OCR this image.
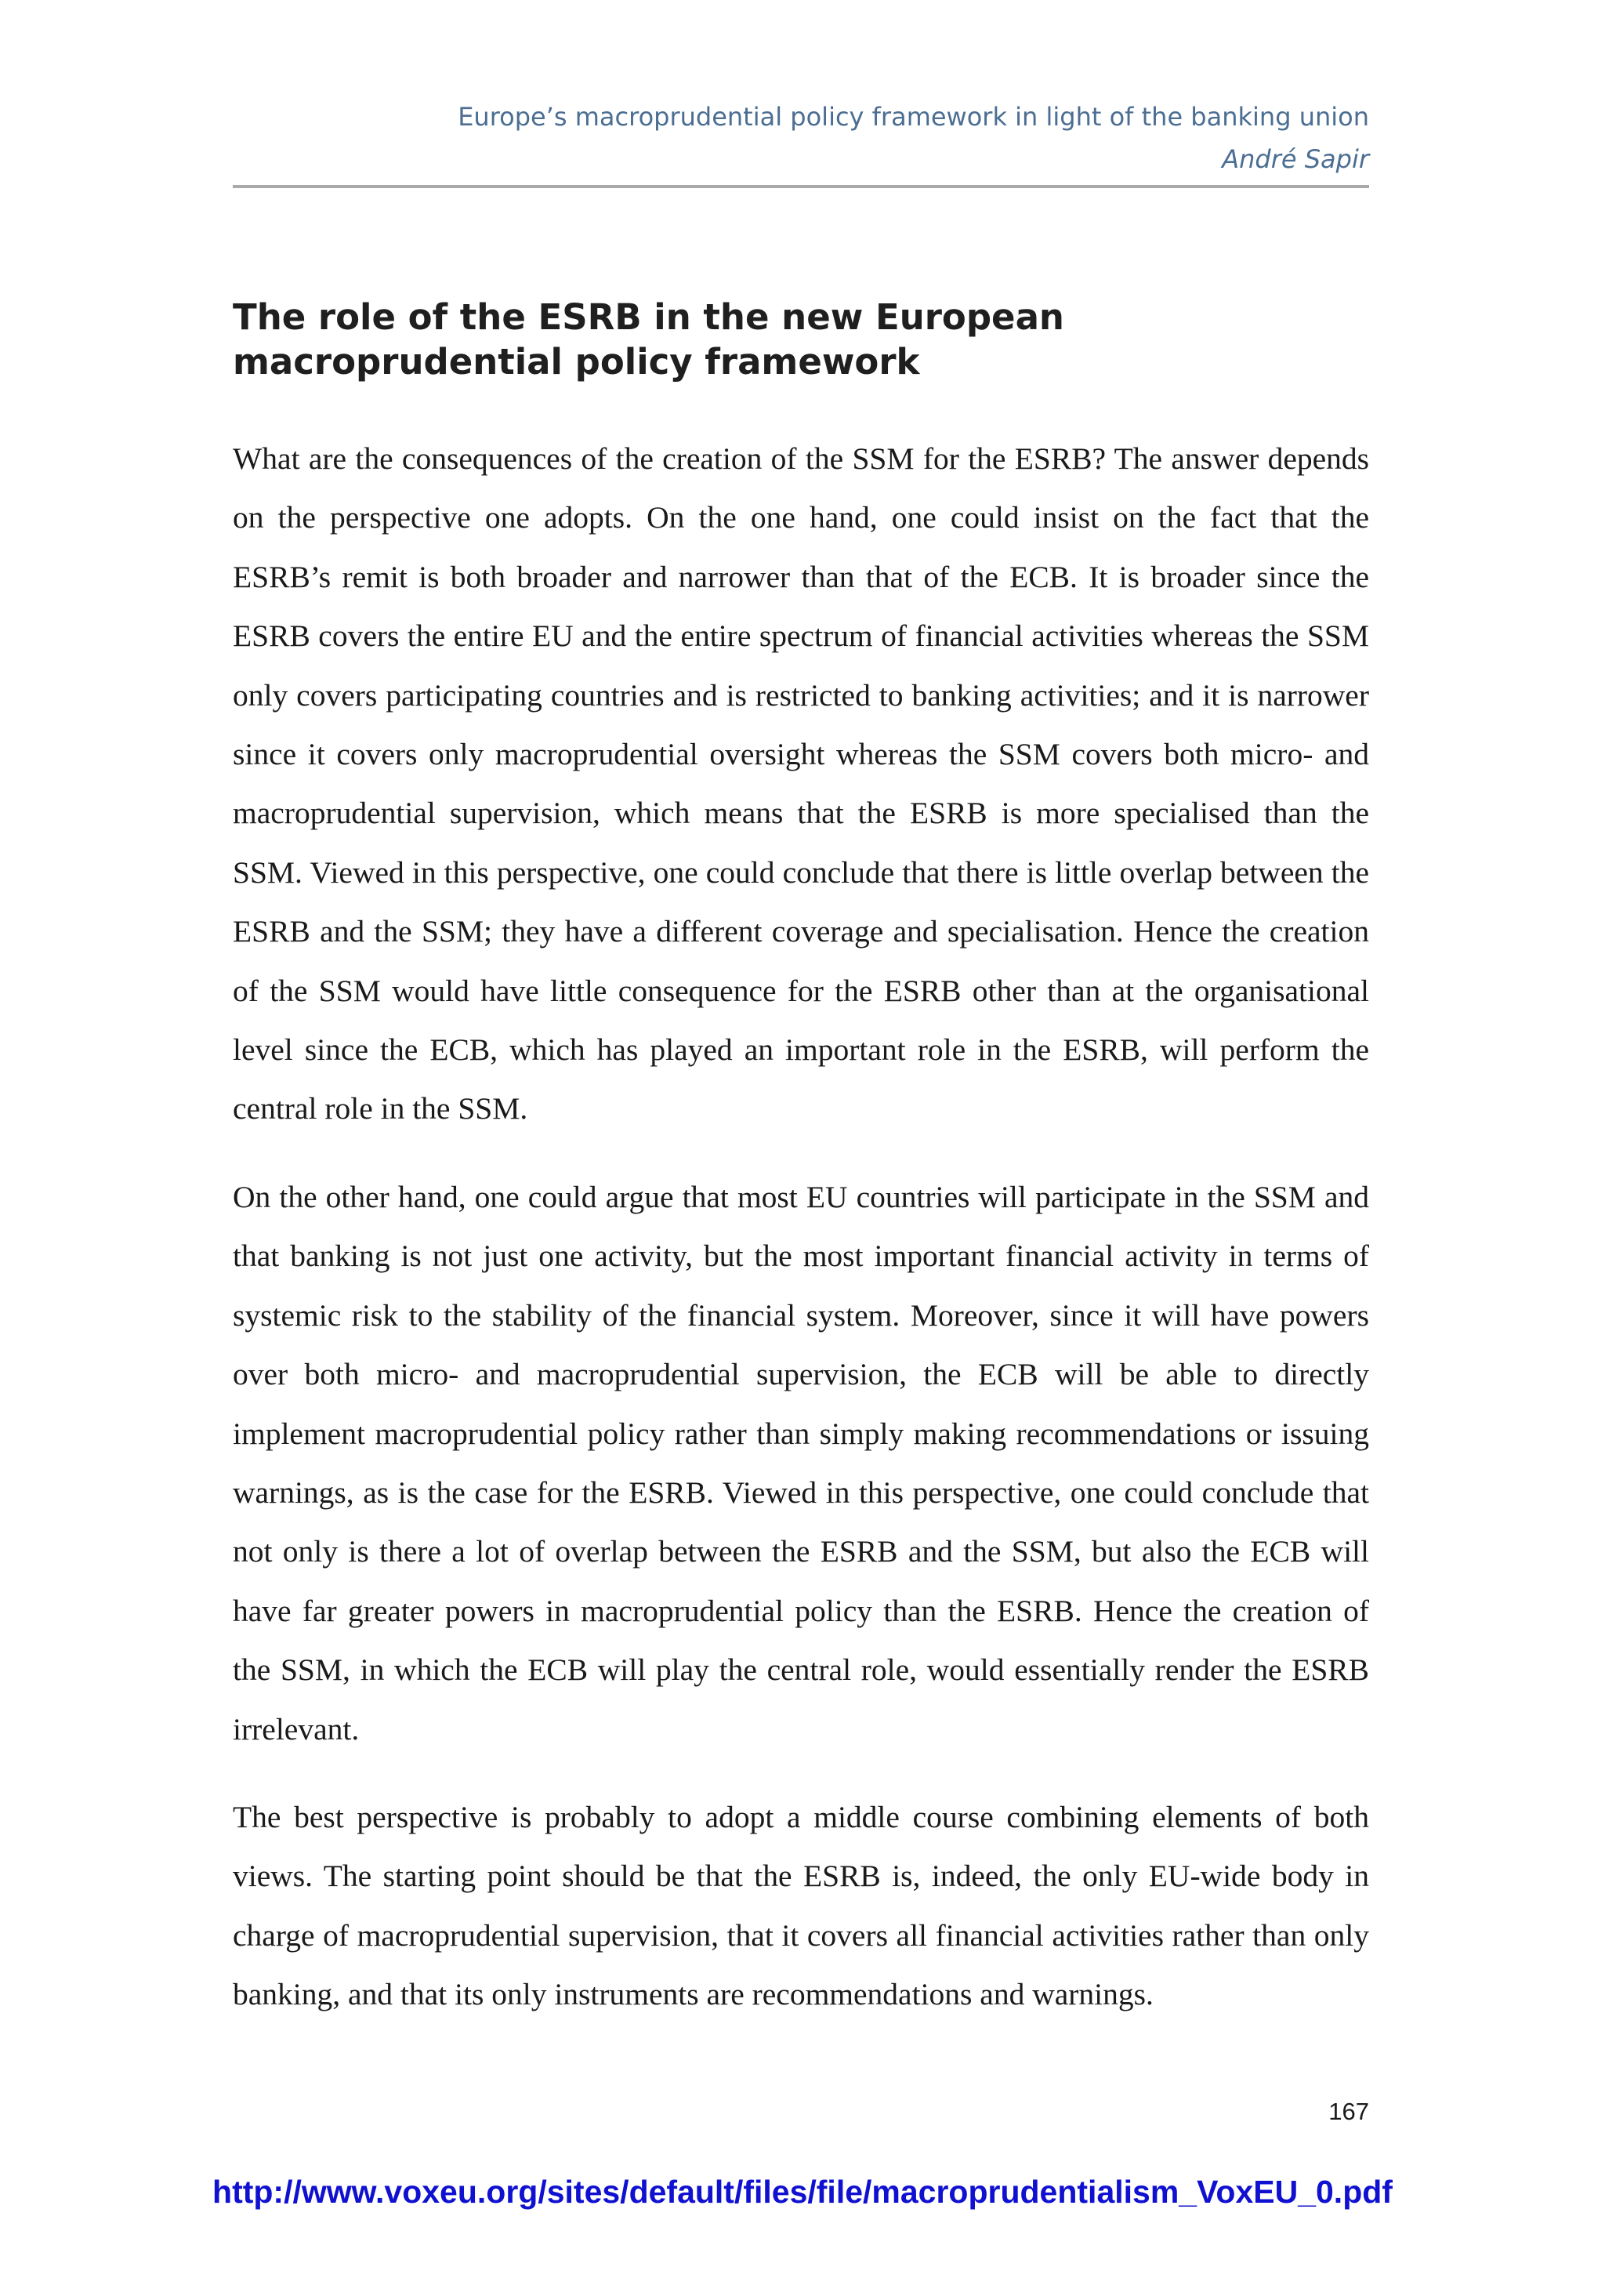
Europe’s macroprudential policy framework in light of the banking union
André Sapir
The role of the ESRB in the new European macroprudential policy framework

What are the consequences of the creation of the SSM for the ESRB? The answer depends on the perspective one adopts. On the one hand, one could insist on the fact that the ESRB’s remit is both broader and narrower than that of the ECB. It is broader since the ESRB covers the entire EU and the entire spectrum of financial activities whereas the SSM only covers participating countries and is restricted to banking activities; and it is narrower since it covers only macroprudential oversight whereas the SSM covers both micro- and macroprudential supervision, which means that the ESRB is more specialised than the SSM. Viewed in this perspective, one could conclude that there is little overlap between the ESRB and the SSM; they have a different coverage and specialisation. Hence the creation of the SSM would have little consequence for the ESRB other than at the organisational level since the ECB, which has played an important role in the ESRB, will perform the central role in the SSM.

On the other hand, one could argue that most EU countries will participate in the SSM and that banking is not just one activity, but the most important financial activity in terms of systemic risk to the stability of the financial system. Moreover, since it will have powers over both micro- and macroprudential supervision, the ECB will be able to directly implement macroprudential policy rather than simply making recommendations or issuing warnings, as is the case for the ESRB. Viewed in this perspective, one could conclude that not only is there a lot of overlap between the ESRB and the SSM, but also the ECB will have far greater powers in macroprudential policy than the ESRB. Hence the creation of the SSM, in which the ECB will play the central role, would essentially render the ESRB irrelevant.

The best perspective is probably to adopt a middle course combining elements of both views. The starting point should be that the ESRB is, indeed, the only EU-wide body in charge of macroprudential supervision, that it covers all financial activities rather than only banking, and that its only instruments are recommendations and warnings.

167
http://www.voxeu.org/sites/default/files/file/macroprudentialism_VoxEU_0.pdf
